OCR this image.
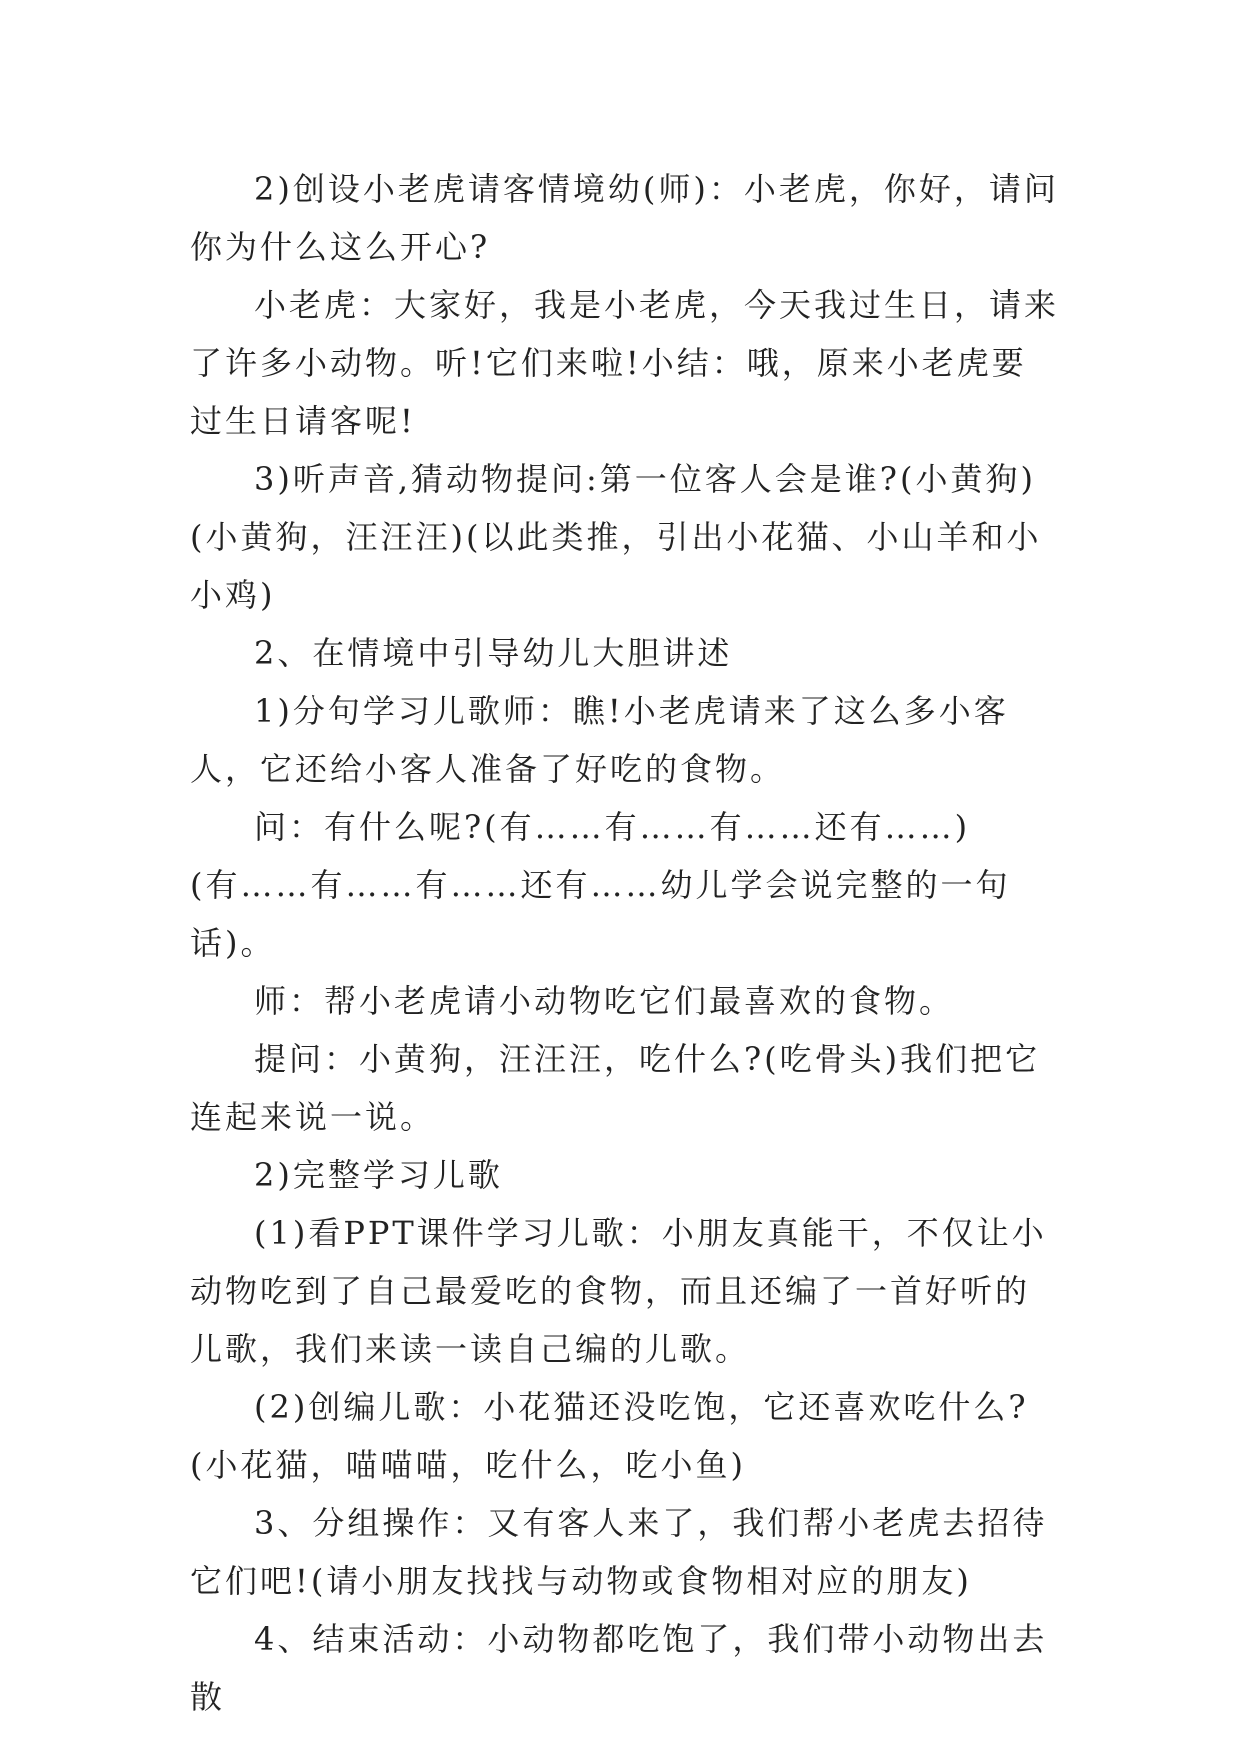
2)创设小老虎请客情境幼(师)：小老虎，你好，请问你为什么这么开心?

小老虎：大家好，我是小老虎，今天我过生日，请来了许多小动物。听!它们来啦!小结：哦，原来小老虎要过生日请客呢!

3)听声音,猜动物提问:第一位客人会是谁?(小黄狗)(小黄狗，汪汪汪)(以此类推，引出小花猫、小山羊和小小鸡)

2、在情境中引导幼儿大胆讲述

1)分句学习儿歌师：瞧!小老虎请来了这么多小客人，它还给小客人准备了好吃的食物。

问：有什么呢?(有……有……有……还有……)(有……有……有……还有……幼儿学会说完整的一句话)。

师：帮小老虎请小动物吃它们最喜欢的食物。

提问：小黄狗，汪汪汪，吃什么?(吃骨头)我们把它连起来说一说。

2)完整学习儿歌

(1)看PPT课件学习儿歌：小朋友真能干，不仅让小动物吃到了自己最爱吃的食物，而且还编了一首好听的儿歌，我们来读一读自己编的儿歌。

(2)创编儿歌：小花猫还没吃饱，它还喜欢吃什么?(小花猫，喵喵喵，吃什么，吃小鱼)

3、分组操作：又有客人来了，我们帮小老虎去招待它们吧!(请小朋友找找与动物或食物相对应的朋友)

4、结束活动：小动物都吃饱了，我们带小动物出去散
